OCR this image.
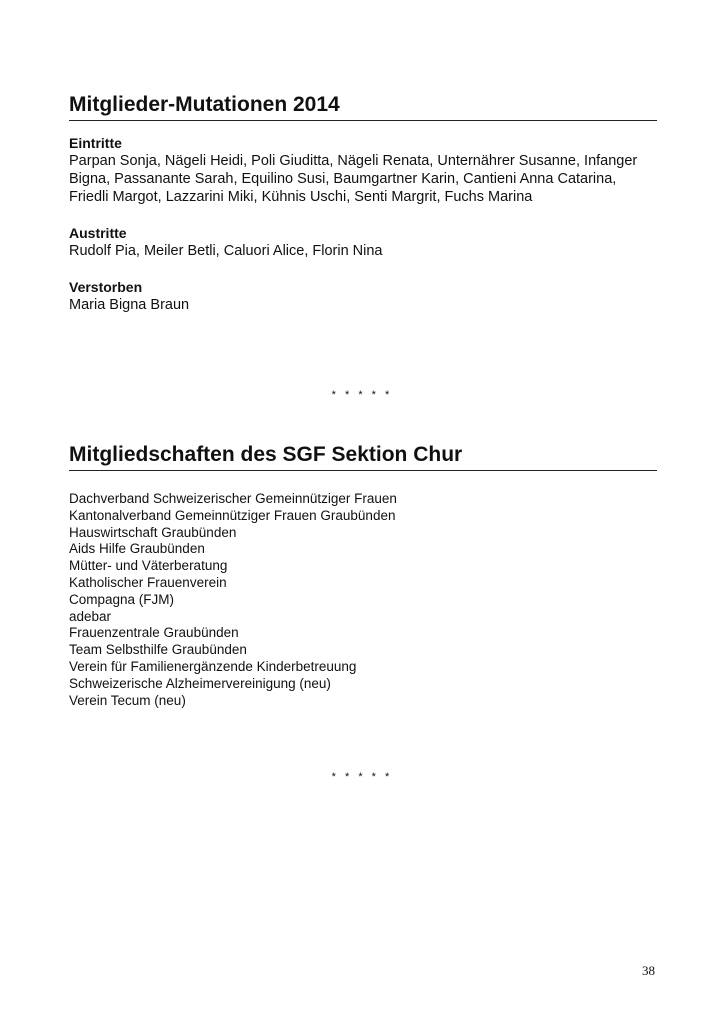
Mitglieder-Mutationen 2014
Eintritte

Parpan Sonja, Nägeli Heidi, Poli Giuditta, Nägeli Renata, Unternährer Susanne, Infanger Bigna, Passanante Sarah, Equilino Susi, Baumgartner Karin, Cantieni Anna Catarina, Friedli Margot, Lazzarini Miki, Kühnis Uschi, Senti Margrit, Fuchs Marina

Austritte

Rudolf Pia, Meiler Betli, Caluori Alice, Florin Nina

Verstorben

Maria Bigna Braun

* * * * *
Mitgliedschaften des SGF Sektion Chur
Dachverband Schweizerischer Gemeinnütziger Frauen
Kantonalverband Gemeinnütziger Frauen Graubünden
Hauswirtschaft Graubünden
Aids Hilfe Graubünden
Mütter- und Väterberatung
Katholischer Frauenverein
Compagna (FJM)
adebar
Frauenzentrale Graubünden
Team Selbsthilfe Graubünden
Verein für Familienergänzende Kinderbetreuung
Schweizerische Alzheimervereinigung (neu)
Verein Tecum (neu)
* * * * *
38
